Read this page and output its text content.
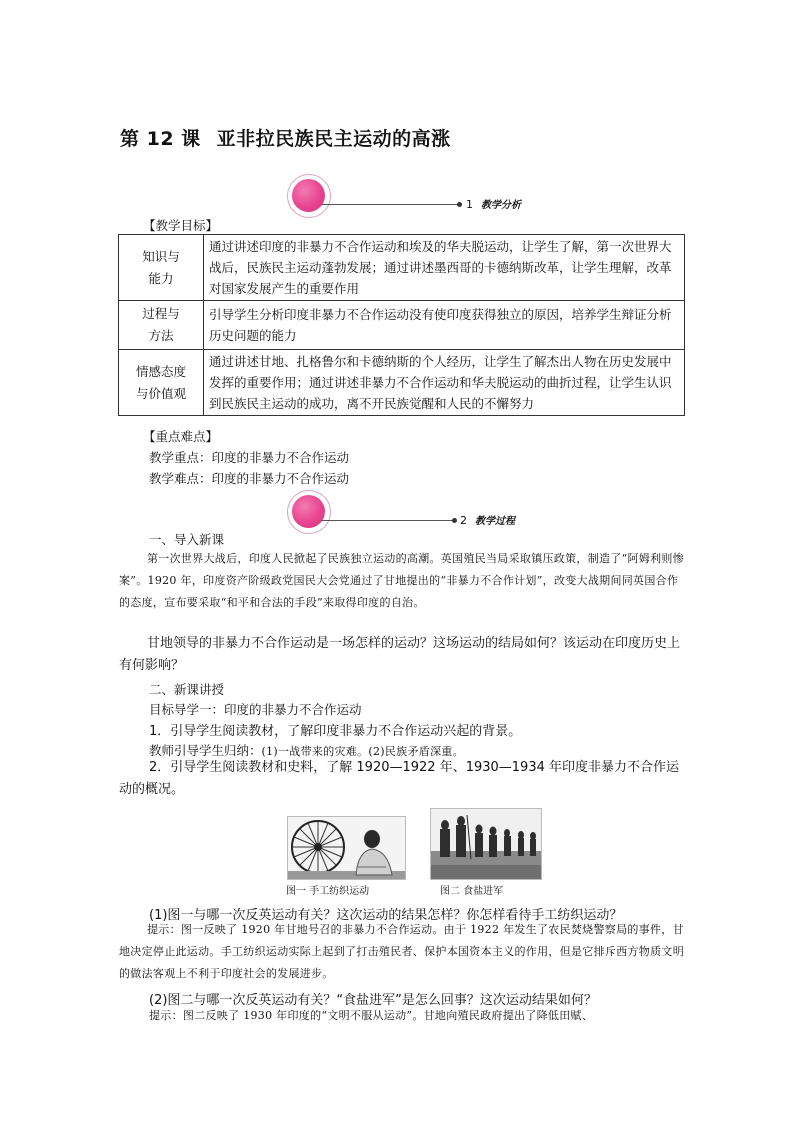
第 12 课 亚非拉民族民主运动的高涨
1 教学分析
【教学目标】
知识与
能力	通过讲述印度的非暴力不合作运动和埃及的华夫脱运动，让学生了解，第一次世界大战后，民族民主运动蓬勃发展；通过讲述墨西哥的卡德纳斯改革，让学生理解，改革对国家发展产生的重要作用
过程与
方法	引导学生分析印度非暴力不合作运动没有使印度获得独立的原因，培养学生辩证分析历史问题的能力
情感态度
与价值观	通过讲述甘地、扎格鲁尔和卡德纳斯的个人经历，让学生了解杰出人物在历史发展中发挥的重要作用；通过讲述非暴力不合作运动和华夫脱运动的曲折过程，让学生认识到民族民主运动的成功，离不开民族觉醒和人民的不懈努力
【重点难点】
教学重点：印度的非暴力不合作运动
教学难点：印度的非暴力不合作运动
2 教学过程
一、导入新课
第一次世界大战后，印度人民掀起了民族独立运动的高潮。英国殖民当局采取镇压政策，制造了“阿姆利则惨案”。1920 年，印度资产阶级政党国民大会党通过了甘地提出的“非暴力不合作计划”，改变大战期间同英国合作的态度，宣布要采取“和平和合法的手段”来取得印度的自治。
甘地领导的非暴力不合作运动是一场怎样的运动？这场运动的结局如何？该运动在印度历史上有何影响？
二、新课讲授
目标导学一：印度的非暴力不合作运动
1．引导学生阅读教材，了解印度非暴力不合作运动兴起的背景。
教师引导学生归纳：(1)一战带来的灾难。(2)民族矛盾深重。
2．引导学生阅读教材和史料，了解 1920—1922 年、1930—1934 年印度非暴力不合作运动的概况。
图一 手工纺织运动	图二 食盐进军
(1)图一与哪一次反英运动有关？这次运动的结果怎样？你怎样看待手工纺织运动？
提示：图一反映了 1920 年甘地号召的非暴力不合作运动。由于 1922 年发生了农民焚烧警察局的事件，甘地决定停止此运动。手工纺织运动实际上起到了打击殖民者、保护本国资本主义的作用，但是它排斥西方物质文明的做法客观上不利于印度社会的发展进步。
(2)图二与哪一次反英运动有关？“食盐进军”是怎么回事？这次运动结果如何？
提示：图二反映了 1930 年印度的“文明不服从运动”。甘地向殖民政府提出了降低田赋、
